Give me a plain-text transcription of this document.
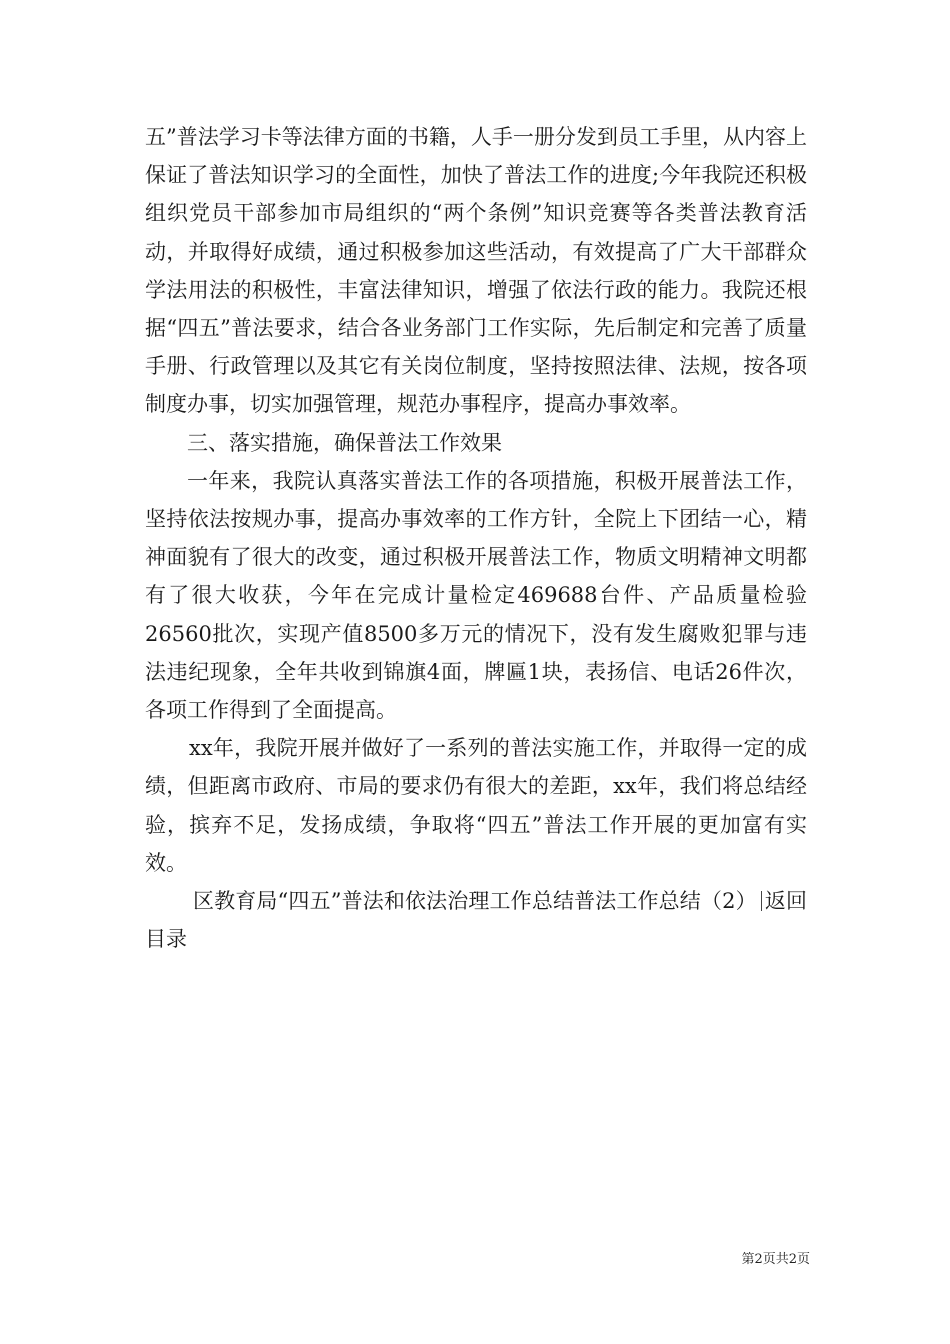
五”普法学习卡等法律方面的书籍，人手一册分发到员工手里，从内容上保证了普法知识学习的全面性，加快了普法工作的进度;今年我院还积极组织党员干部参加市局组织的“两个条例”知识竞赛等各类普法教育活动，并取得好成绩，通过积极参加这些活动，有效提高了广大干部群众学法用法的积极性，丰富法律知识，增强了依法行政的能力。我院还根据“四五”普法要求，结合各业务部门工作实际，先后制定和完善了质量手册、行政管理以及其它有关岗位制度，坚持按照法律、法规，按各项制度办事，切实加强管理，规范办事程序，提高办事效率。

三、落实措施，确保普法工作效果

一年来，我院认真落实普法工作的各项措施，积极开展普法工作，坚持依法按规办事，提高办事效率的工作方针，全院上下团结一心，精神面貌有了很大的改变，通过积极开展普法工作，物质文明精神文明都有了很大收获，今年在完成计量检定469688台件、产品质量检验26560批次，实现产值8500多万元的情况下，没有发生腐败犯罪与违法违纪现象，全年共收到锦旗4面，牌匾1块，表扬信、电话26件次，各项工作得到了全面提高。

xx年，我院开展并做好了一系列的普法实施工作，并取得一定的成绩，但距离市政府、市局的要求仍有很大的差距，xx年，我们将总结经验，摈弃不足，发扬成绩，争取将“四五”普法工作开展的更加富有实效。

区教育局“四五”普法和依法治理工作总结普法工作总结（2） 返回目录

第2页共2页
